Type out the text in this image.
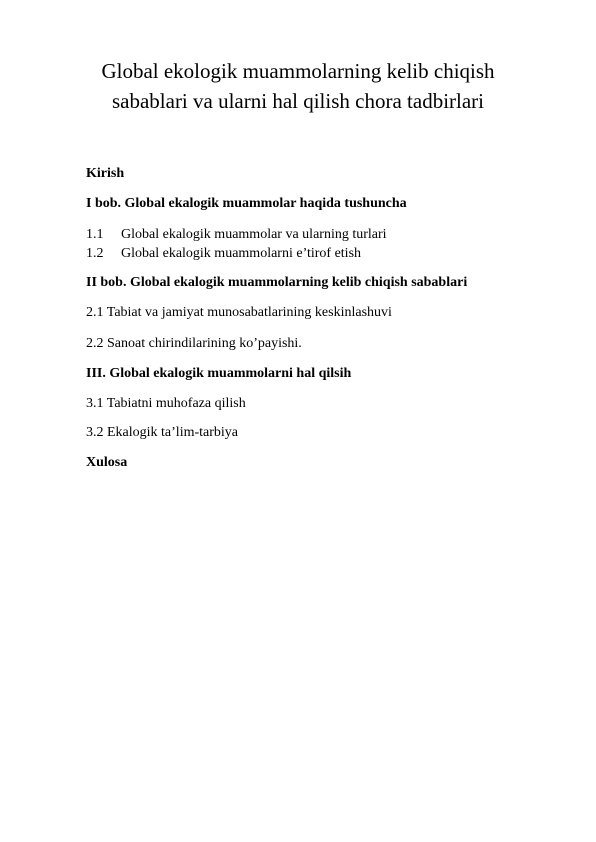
Global ekologik muammolarning kelib chiqish
sabablari va ularni hal qilish chora tadbirlari

Kirish

I bob. Global ekalogik muammolar haqida tushuncha

1.1 Global ekalogik muammolar va ularning turlari

1.2 Global ekalogik muammolarni e’tirof etish

II bob. Global ekalogik muammolarning kelib chiqish sabablari

2.1 Tabiat va jamiyat munosabatlarining keskinlashuvi

2.2 Sanoat chirindilarining ko’payishi.

III. Global ekalogik muammolarni hal qilsih

3.1 Tabiatni muhofaza qilish

3.2 Ekalogik ta’lim-tarbiya

Xulosa
